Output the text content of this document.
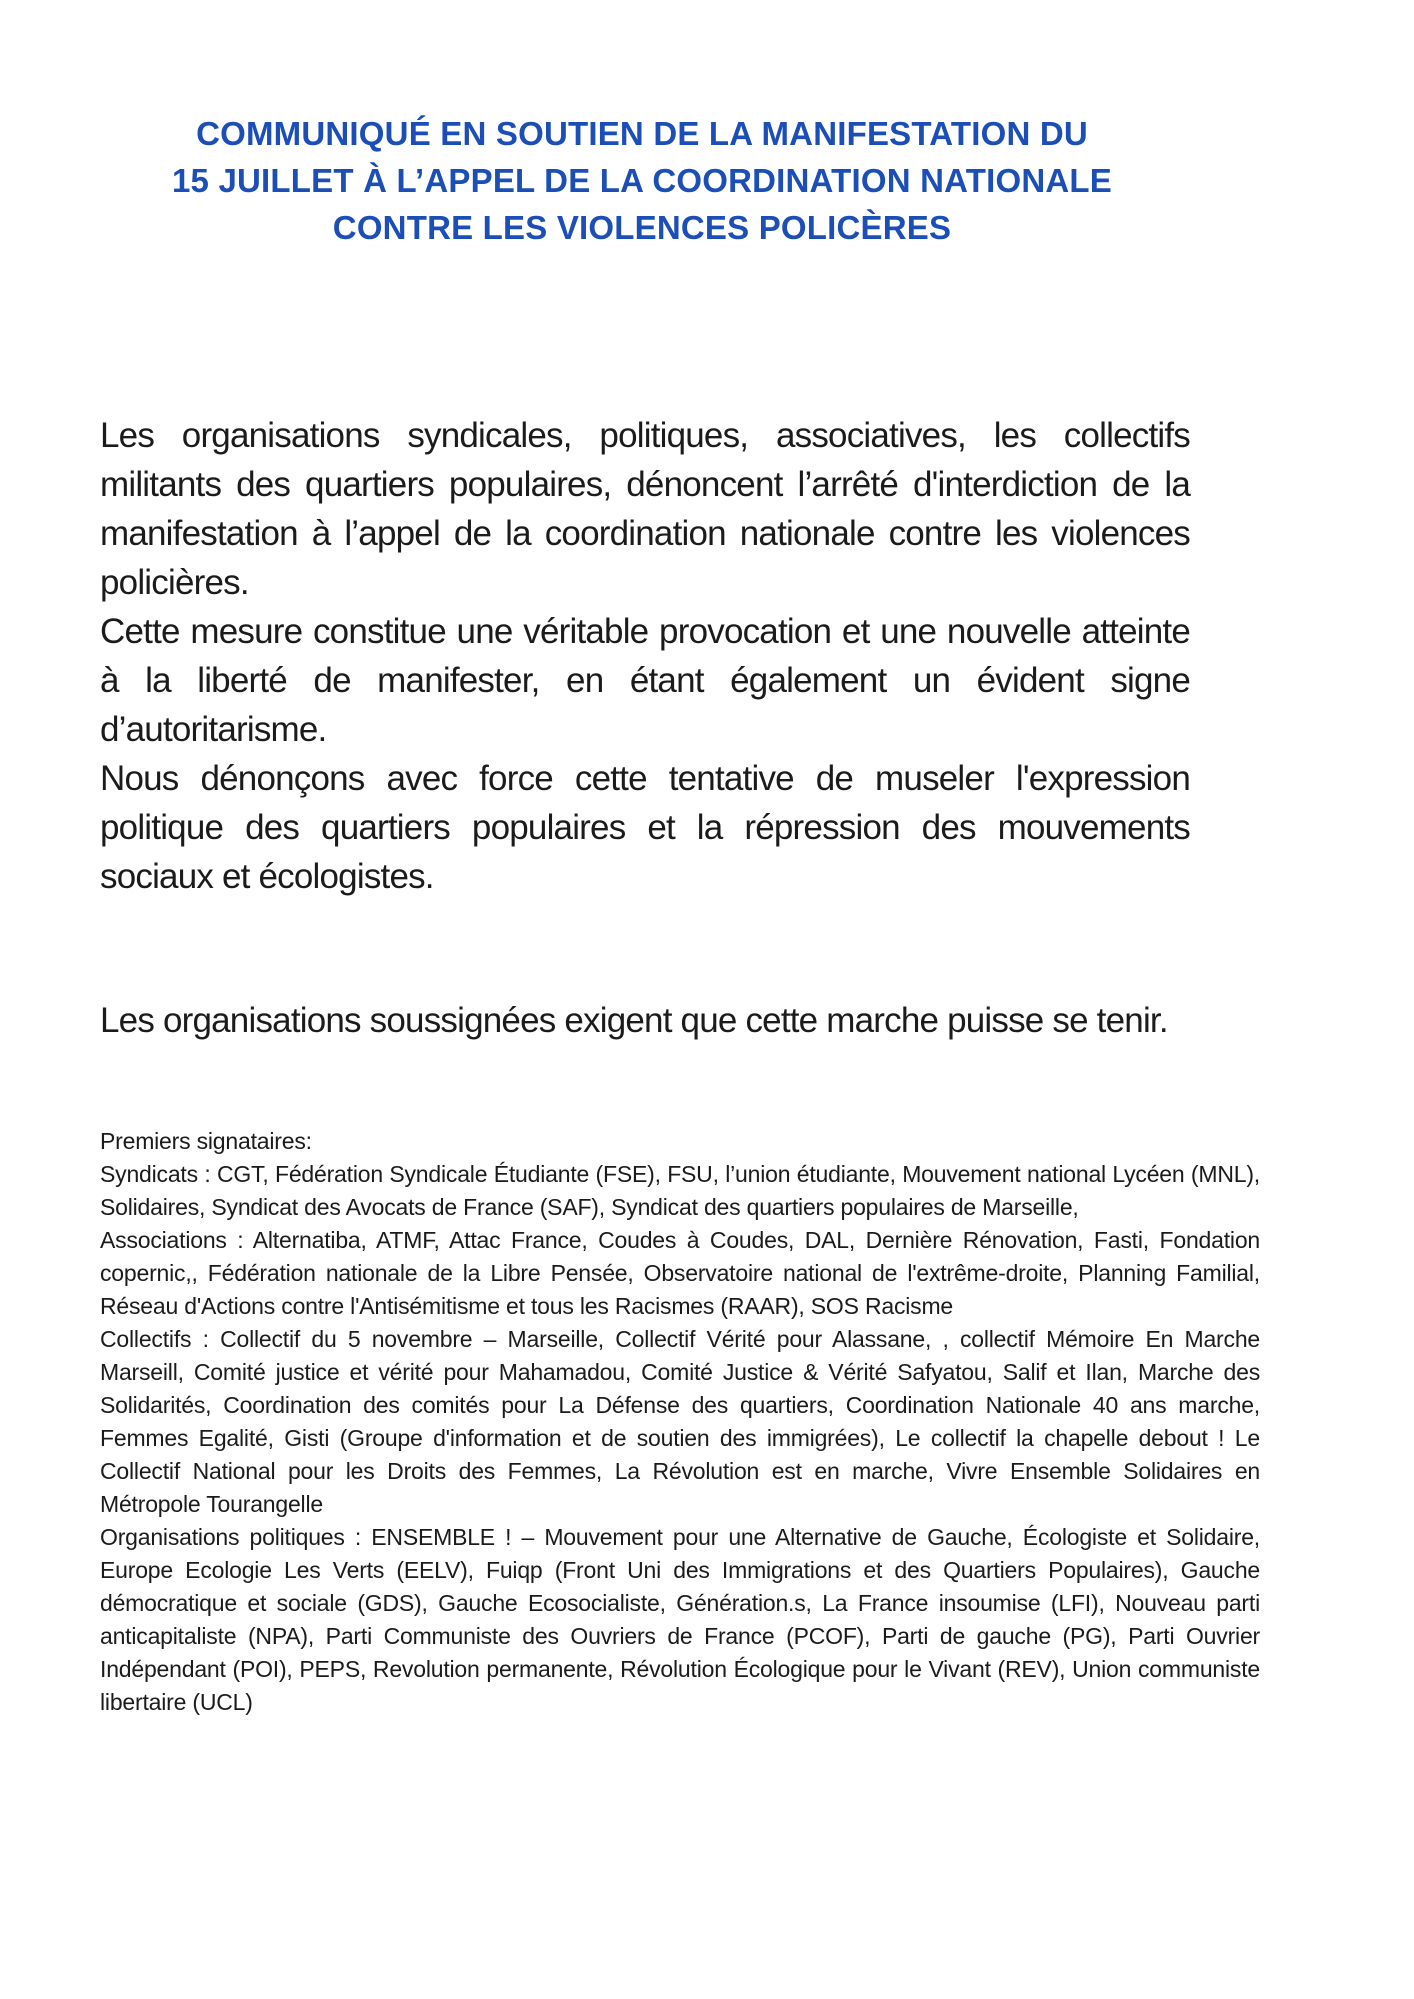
COMMUNIQUÉ EN SOUTIEN DE LA MANIFESTATION DU
15 JUILLET À L’APPEL DE LA COORDINATION NATIONALE
CONTRE LES VIOLENCES POLICÈRES

Les organisations syndicales, politiques, associatives, les collectifs militants des quartiers populaires, dénoncent l’arrêté d'interdiction de la manifestation à l’appel de la coordination nationale contre les violences policières.

Cette mesure constitue une véritable provocation et une nouvelle atteinte à la liberté de manifester, en étant également un évident signe d’autoritarisme.

Nous dénonçons avec force cette tentative de museler l'expression politique des quartiers populaires et la répression des mouvements sociaux et écologistes.

Les organisations soussignées exigent que cette marche puisse se tenir.

Premiers signataires:

Syndicats : CGT, Fédération Syndicale Étudiante (FSE), FSU, l’union étudiante, Mouvement national Lycéen (MNL), Solidaires, Syndicat des Avocats de France (SAF), Syndicat des quartiers populaires de Marseille,

Associations : Alternatiba, ATMF, Attac France, Coudes à Coudes, DAL, Dernière Rénovation, Fasti, Fondation copernic,, Fédération nationale de la Libre Pensée, Observatoire national de l'extrême-droite, Planning Familial, Réseau d'Actions contre l'Antisémitisme et tous les Racismes (RAAR), SOS Racisme

Collectifs : Collectif du 5 novembre – Marseille, Collectif Vérité pour Alassane, , collectif Mémoire En Marche Marseill, Comité justice et vérité pour Mahamadou, Comité Justice & Vérité Safyatou, Salif et Ilan, Marche des Solidarités, Coordination des comités pour La Défense des quartiers, Coordination Nationale 40 ans marche, Femmes Egalité, Gisti (Groupe d'information et de soutien des immigrées), Le collectif la chapelle debout ! Le Collectif National pour les Droits des Femmes, La Révolution est en marche, Vivre Ensemble Solidaires en Métropole Tourangelle

Organisations politiques : ENSEMBLE ! – Mouvement pour une Alternative de Gauche, Écologiste et Solidaire, Europe Ecologie Les Verts (EELV), Fuiqp (Front Uni des Immigrations et des Quartiers Populaires), Gauche démocratique et sociale (GDS), Gauche Ecosocialiste, Génération.s, La France insoumise (LFI), Nouveau parti anticapitaliste (NPA), Parti Communiste des Ouvriers de France (PCOF), Parti de gauche (PG), Parti Ouvrier Indépendant (POI), PEPS, Revolution permanente, Révolution Écologique pour le Vivant (REV), Union communiste libertaire (UCL)
